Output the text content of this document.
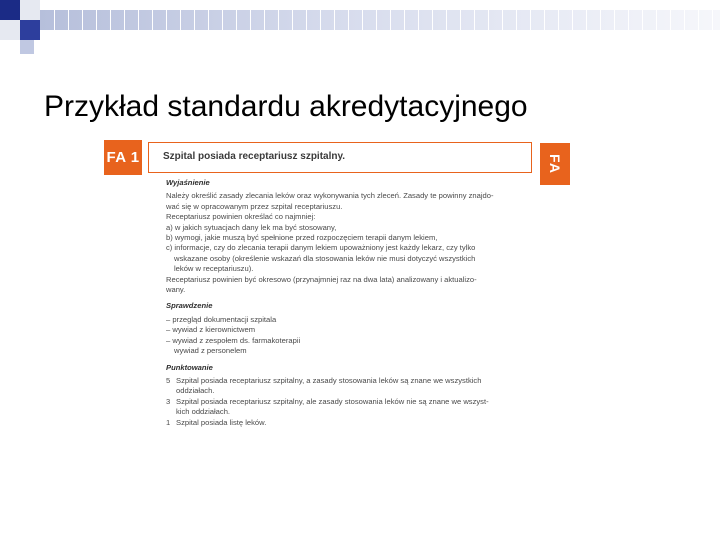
Przykład standardu akredytacyjnego
FA 1 Szpital posiada receptariusz szpitalny.	FA

Wyjaśnienie

Należy określić zasady zlecania leków oraz wykonywania tych zleceń. Zasady te powinny znajdo-

wać się w opracowanym przez szpital receptariuszu.

Receptariusz powinien określać co najmniej:

a) w jakich sytuacjach dany lek ma być stosowany,

b) wymogi, jakie muszą być spełnione przed rozpoczęciem terapii danym lekiem,

c) informacje, czy do zlecania terapii danym lekiem upoważniony jest każdy lekarz, czy tylko

wskazane osoby (określenie wskazań dla stosowania leków nie musi dotyczyć wszystkich

leków w receptariuszu).

Receptariusz powinien być okresowo (przynajmniej raz na dwa lata) analizowany i aktualizo-

wany.

Sprawdzenie

– przegląd dokumentacji szpitala

– wywiad z kierownictwem

– wywiad z zespołem ds. farmakoterapii

wywiad z personelem

Punktowanie

5 Szpital posiada receptariusz szpitalny, a zasady stosowania leków są znane we wszystkich

oddziałach.

3 Szpital posiada receptariusz szpitalny, ale zasady stosowania leków nie są znane we wszyst-

kich oddziałach.

1 Szpital posiada listę leków.
